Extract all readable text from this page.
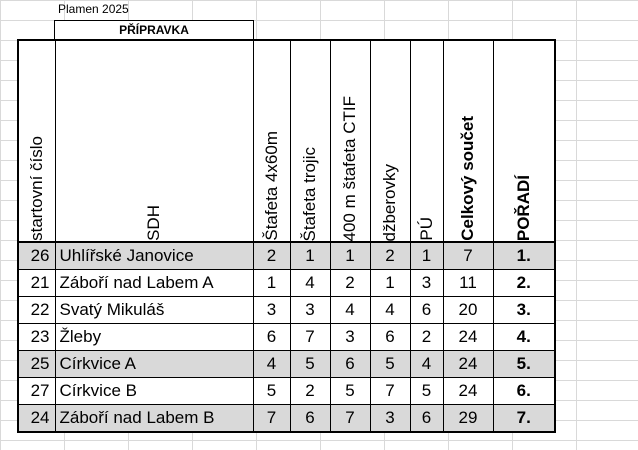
Plamen 2025
PŘÍPRAVKA
startovní číslo	SDH	Štafeta 4x60m	Štafeta trojic	400 m štafeta CTIF	džberovky	PÚ	Celkový součet	POŘADÍ

26	Uhlířské Janovice	2	1	1	2	1	7	1.
21	Záboří nad Labem A	1	4	2	1	3	11	2.
22	Svatý Mikuláš	3	3	4	4	6	20	3.
23	Žleby	6	7	3	6	2	24	4.
25	Církvice A	4	5	6	5	4	24	5.
27	Církvice B	5	2	5	7	5	24	6.
24	Záboří nad Labem B	7	6	7	3	6	29	7.
